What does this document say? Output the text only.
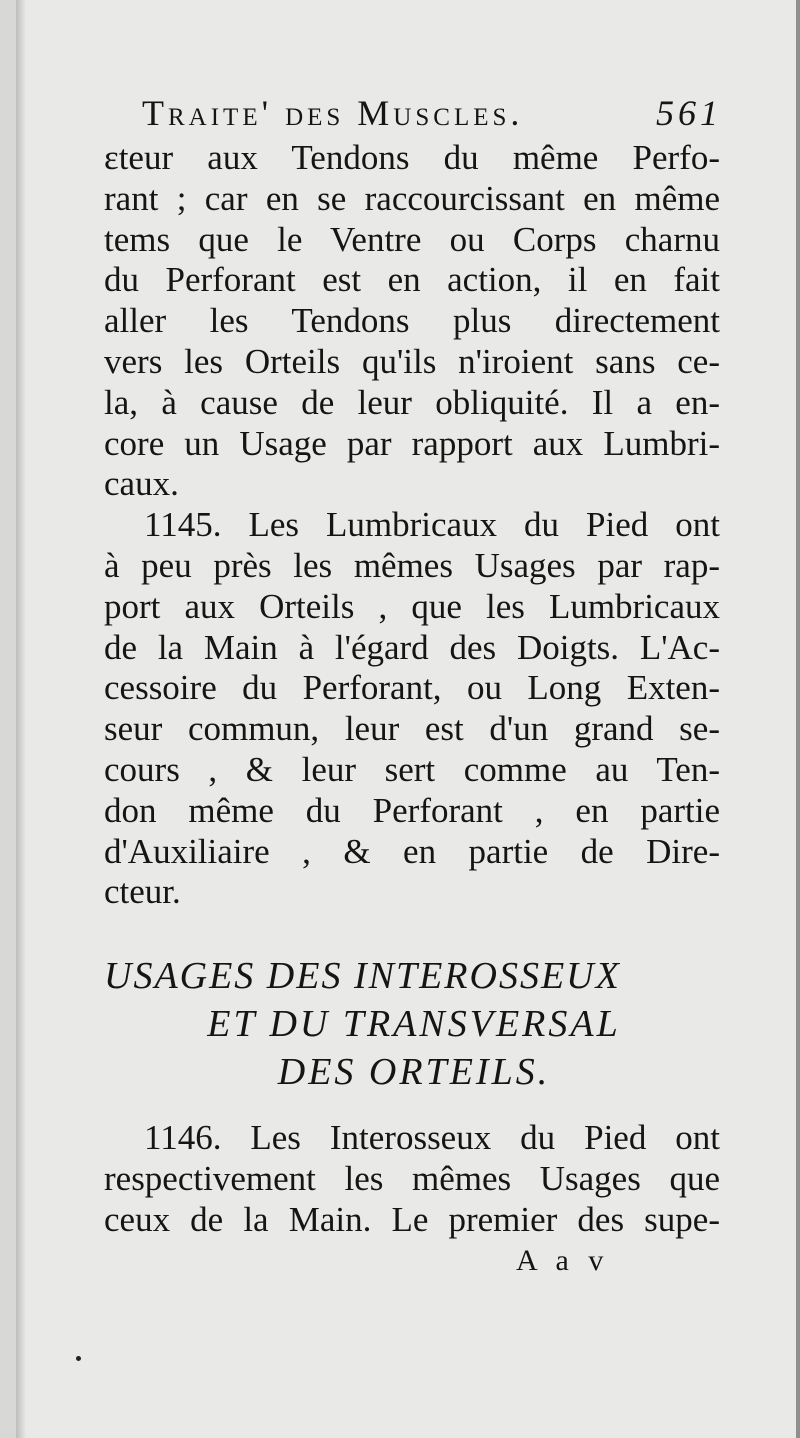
Traite' des Muscles.	561
ɛteur aux Tendons du même Perfo-
rant ; car en se raccourcissant en même
tems que le Ventre ou Corps charnu
du Perforant est en action, il en fait
aller les Tendons plus directement
vers les Orteils qu'ils n'iroient sans ce-
la, à cause de leur obliquité. Il a en-
core un Usage par rapport aux Lumbri-
caux.
1145. Les Lumbricaux du Pied ont
à peu près les mêmes Usages par rap-
port aux Orteils , que les Lumbricaux
de la Main à l'égard des Doigts. L'Ac-
cessoire du Perforant, ou Long Exten-
seur commun, leur est d'un grand se-
cours , & leur sert comme au Ten-
don même du Perforant , en partie
d'Auxiliaire , & en partie de Dire-
cteur.
USAGES DES INTEROSSEUX
ET DU TRANSVERSAL
DES ORTEILS.
1146. Les Interosseux du Pied ont
respectivement les mêmes Usages que
ceux de la Main. Le premier des supe-
A a v
